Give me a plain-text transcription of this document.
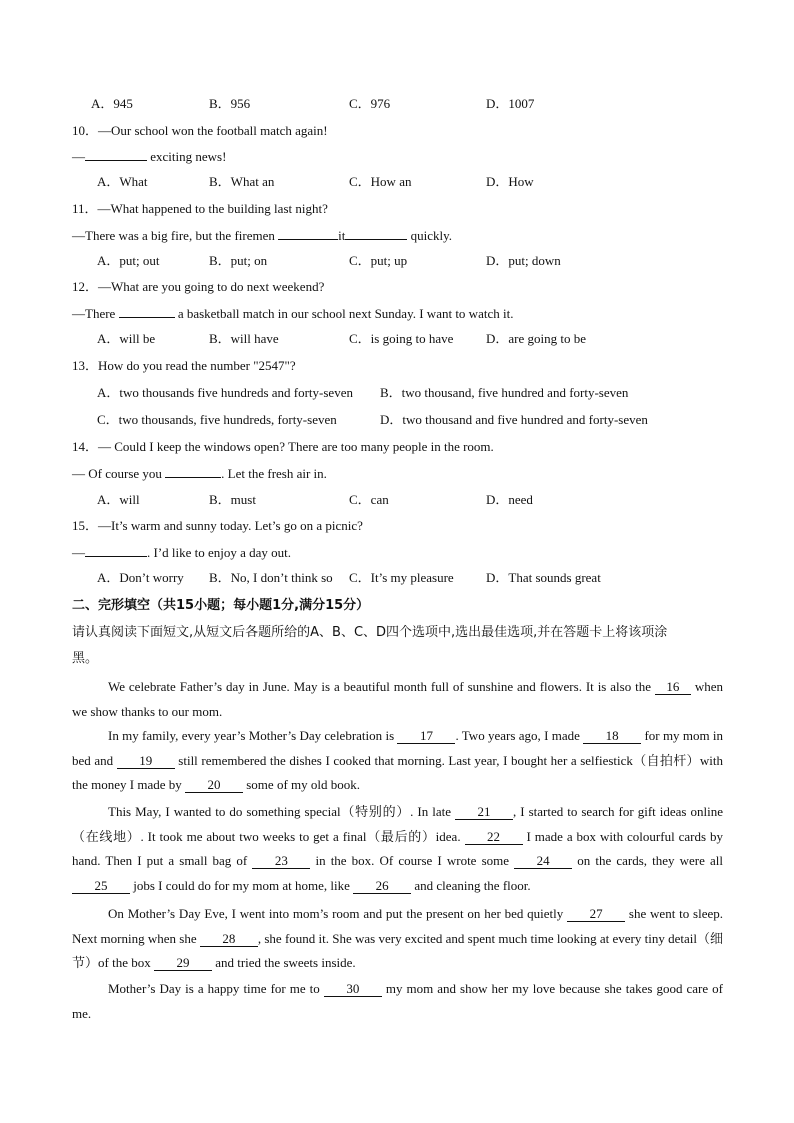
A．945	B．956	C．976	D．1007
10．—Our school won the football match again!
—	exciting news!
A．What	B．What an	C．How an	D．How
11．—What happened to the building last night?
—There was a big fire, but the firemen	it	quickly.
A．put; out	B．put; on	C．put; up	D．put; down
12．—What are you going to do next weekend?
—There	a basketball match in our school next Sunday. I want to watch it.
A．will be	B．will have	C．is going to have	D．are going to be
13．How do you read the number "2547"?
A．two thousands five hundreds and forty-seven B．two thousand, five hundred and forty-seven
C．two thousands, five hundreds, forty-seven	D．two thousand and five hundred and forty-seven
14．— Could I keep the windows open? There are too many people in the room.
— Of course you	. Let the fresh air in.
A．will	B．must	C．can	D．need
15．—It’s warm and sunny today. Let’s go on a picnic?
—	. I’d like to enjoy a day out.
A．Don’t worry B．No, I don’t think so C．It’s my pleasure D．That sounds great
二、完形填空（共15小题；每小题1分,满分15分）
请认真阅读下面短文,从短文后各题所给的A、B、C、D四个选项中,选出最佳选项,并在答题卡上将该项涂
黑。
We celebrate Father’s day in June. May is a beautiful month full of sunshine and flowers. It is also the 16 when we show thanks to our mom.
In my family, every year’s Mother’s Day celebration is 17 . Two years ago, I made 18 for my mom in bed and 19 still remembered the dishes I cooked that morning. Last year, I bought her a selfiestick（自拍杆）with the money I made by 20 some of my old book.
This May, I wanted to do something special（特别的）. In late 21 , I started to search for gift ideas online（在线地）. It took me about two weeks to get a final（最后的）idea. 22 I made a box with colourful cards by hand. Then I put a small bag of 23 in the box. Of course I wrote some 24 on the cards, they were all 25 jobs I could do for my mom at home, like 26 and cleaning the floor.
On Mother’s Day Eve, I went into mom’s room and put the present on her bed quietly 27 she went to sleep. Next morning when she 28 , she found it. She was very excited and spent much time looking at every tiny detail（细节）of the box 29 and tried the sweets inside.
Mother’s Day is a happy time for me to 30 my mom and show her my love because she takes good care of me.
